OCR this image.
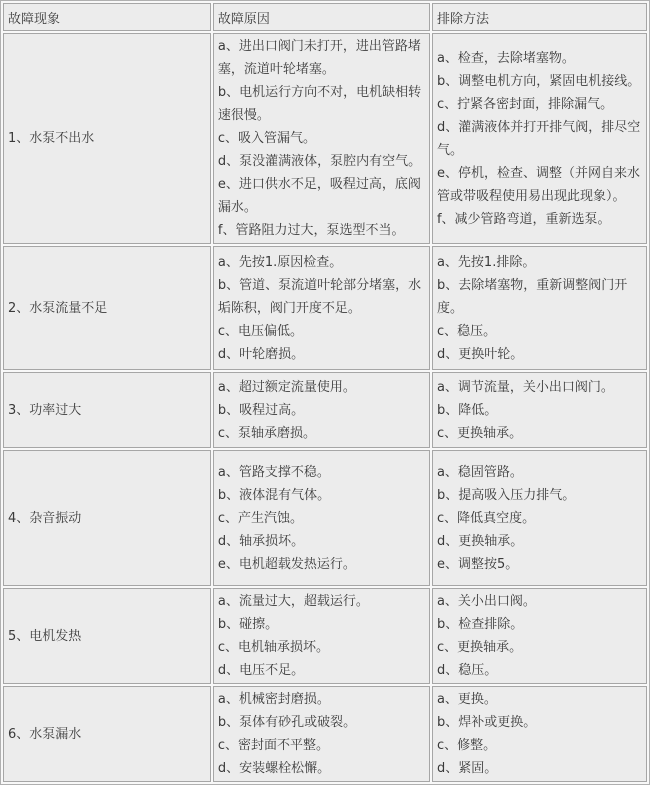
故障现象	故障原因	排除方法

1、水泵不出水

a、进出口阀门未打开，进出管路堵塞，流道叶轮堵塞。
b、电机运行方向不对，电机缺相转速很慢。
c、吸入管漏气。
d、泵没灌满液体，泵腔内有空气。
e、进口供水不足，吸程过高，底阀漏水。
f、管路阻力过大，泵选型不当。

a、检查，去除堵塞物。
b、调整电机方向，紧固电机接线。
c、拧紧各密封面，排除漏气。
d、灌满液体并打开排气阀，排尽空气。
e、停机，检查、调整（并网自来水管或带吸程使用易出现此现象）。
f、减少管路弯道，重新选泵。

2、水泵流量不足

a、先按1.原因检查。
b、管道、泵流道叶轮部分堵塞，水垢陈积，阀门开度不足。
c、电压偏低。
d、叶轮磨损。

a、先按1.排除。
b、去除堵塞物，重新调整阀门开度。
c、稳压。
d、更换叶轮。

3、功率过大

a、超过额定流量使用。
b、吸程过高。
c、泵轴承磨损。

a、调节流量，关小出口阀门。
b、降低。
c、更换轴承。

4、杂音振动

a、管路支撑不稳。
b、液体混有气体。
c、产生汽蚀。
d、轴承损坏。
e、电机超载发热运行。

a、稳固管路。
b、提高吸入压力排气。
c、降低真空度。
d、更换轴承。
e、调整按5。

5、电机发热

a、流量过大，超载运行。
b、碰擦。
c、电机轴承损坏。
d、电压不足。

a、关小出口阀。
b、检查排除。
c、更换轴承。
d、稳压。

6、水泵漏水

a、机械密封磨损。
b、泵体有砂孔或破裂。
c、密封面不平整。
d、安装螺栓松懈。

a、更换。
b、焊补或更换。
c、修整。
d、紧固。
